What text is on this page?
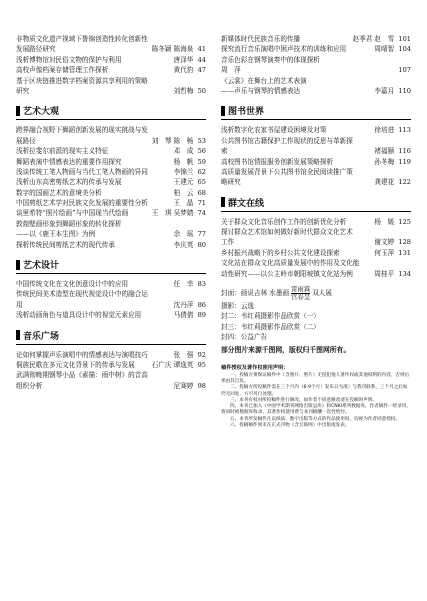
非物质文化遗产视域下鲁锦创造性转化创新性
发展路径研究	陈冬颖 陈海泉 41
浅析博物馆対民俗文物的保护与利用	唐泽华 44
高校声像档案存储管理工作探析	黄代豹 47
基于区块链推进数字档案资源共享利用的策略
研究	刘哲梅 50
艺术大观
跨界融合视野下舞蹈创新发展的现实挑战与发
展路径	刘　琴 陈　畅 53
浅析拉斐尔前派的现实主义特征	邓　成 56
舞蹈表演中情感表达的重要作用探究	杨　帆 59
浅谈传统工笔人物画与当代工笔人物画的异同	李锦兰 62
浅析山东高密剪纸艺术的传承与发展	王建元 65
数字的国画艺术的意境美分析	柏　云 68
中国剪纸艺术学对民族文化发展的重要性分析	王　晶 71
谈里希特“照片绘画”与中国现当代绘画	王　琪 吴梦婧 74
敦煌壁画形象到舞蹈形象的转化探析
——以《鹿王本生图》为例	余　瑶 77
探析传统民间剪纸艺术的现代传承	李庆英 80
艺术设计
中国传统文化在文化创意设计中的应用	任　幸 83
传统民间美术造型在现代视觉设计中的融合运
用	沈丹萍 86
浅析动画角色与道具设计中的视觉元素应用	马倩倩 89
音乐广场
论如何掌握声乐演唱中的情感表达与演唱技巧	张　强 92
侗族民歌在多元文化背景下的传承与发展	石广庆 谭逸英 95
武满彻晚期钢琴小品《素描：雨中树》的音高
组织分析	尼赛婷 98
新媒体时代民族音乐的传播	赵季君 赵　雪 101
探究流行音乐演唱中困声技术的训练和应用	周晴智 104
音乐色彩在钢琴演奏中的体现探析
周　萍	107
《云裳》在舞台上的艺术表演
——声乐与钢琴的情感表达	李嘉月 110
图书世界
浅析数字化农家书屋建设困境及对策	徐培进 113
公共图书馆古籍保护工作现状的反思与革新探
索	褚福颐 116
高校图书馆情报服务创新发展策略探析	孙冬梅 119
高质量发展背景下公共图书馆全民阅读推广策
略研究	龚建花 122
群文在线
关于群众文化音乐创作工作的创新优化分析	杨　媛 125
探讨群众艺术馆如何做好新时代群众文化艺术
工作	谢文婷 128
乡村振兴战略下的乡村公共文化建设探索	何玉萍 131
文化站在群众文化高质量发展中的作用及文化能
动性研究——以公主岭市朝阳坡镇文化站为例	周桂平 134
封面：画说吉林 水墨画
雷雨霖
宫春呈 双人展
摄影：云逸
封二：韦红莉摄影作品欣赏（一）
封三：韦红莉摄影作品欣赏（二）
封四：公益广告
部分图片来源千图网，版权归千图网所有。
稿件授权及著作权使用声明：

一、投稿方须保证稿件中（含图片、照片）无侵犯他人著作权或其他权利的内容，否则后果由其自负。

二、投稿方所投稿件需在三个月内（6-9个月）发布日为准）与我刊联系，三个月之后如仍无回复，方可另行处理。

三、本刊有权对所投稿件进行修改，如作者不同意修改请在投稿时声明。

四、本刊已加入《中国学术期刊网络出版总库》和CNKI系列数据库，作者稿件一经录用，将同时被数据库收录，其著作权使用费与本刊稿酬一次性给付。

五、本刊所发稿件凡以纸质、数字出版等方式的作品使用权，均视为作者同意授权。

六、投稿稿件须未在正式刊物（含互联网）中出版或发表。
